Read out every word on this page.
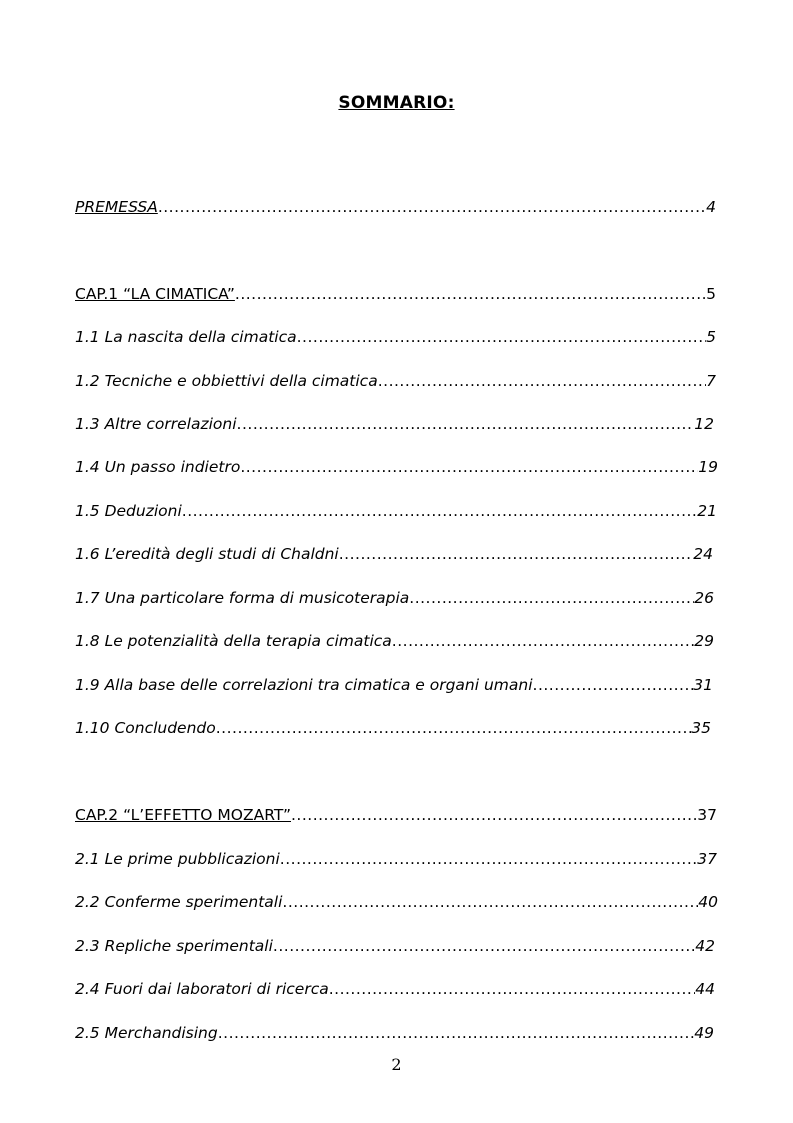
SOMMARIO:
PREMESSA .....	4
CAP.1 “LA CIMATICA” .....	5
1.1 La nascita della cimatica .....	5
1.2 Tecniche e obbiettivi della cimatica .....	7
1.3 Altre correlazioni .....	12
1.4 Un passo indietro .....	19
1.5 Deduzioni .....	21
1.6 L’eredità degli studi di Chaldni .....	24
1.7 Una particolare forma di musicoterapia .....	26
1.8 Le potenzialità della terapia cimatica .....	29
1.9 Alla base delle correlazioni tra cimatica e organi umani .....	31
1.10 Concludendo .....	35
CAP.2 “L’EFFETTO MOZART” .....	37
2.1 Le prime pubblicazioni .....	37
2.2 Conferme sperimentali .....	40
2.3 Repliche sperimentali .....	42
2.4 Fuori dai laboratori di ricerca .....	44
2.5 Merchandising .....	49
2
